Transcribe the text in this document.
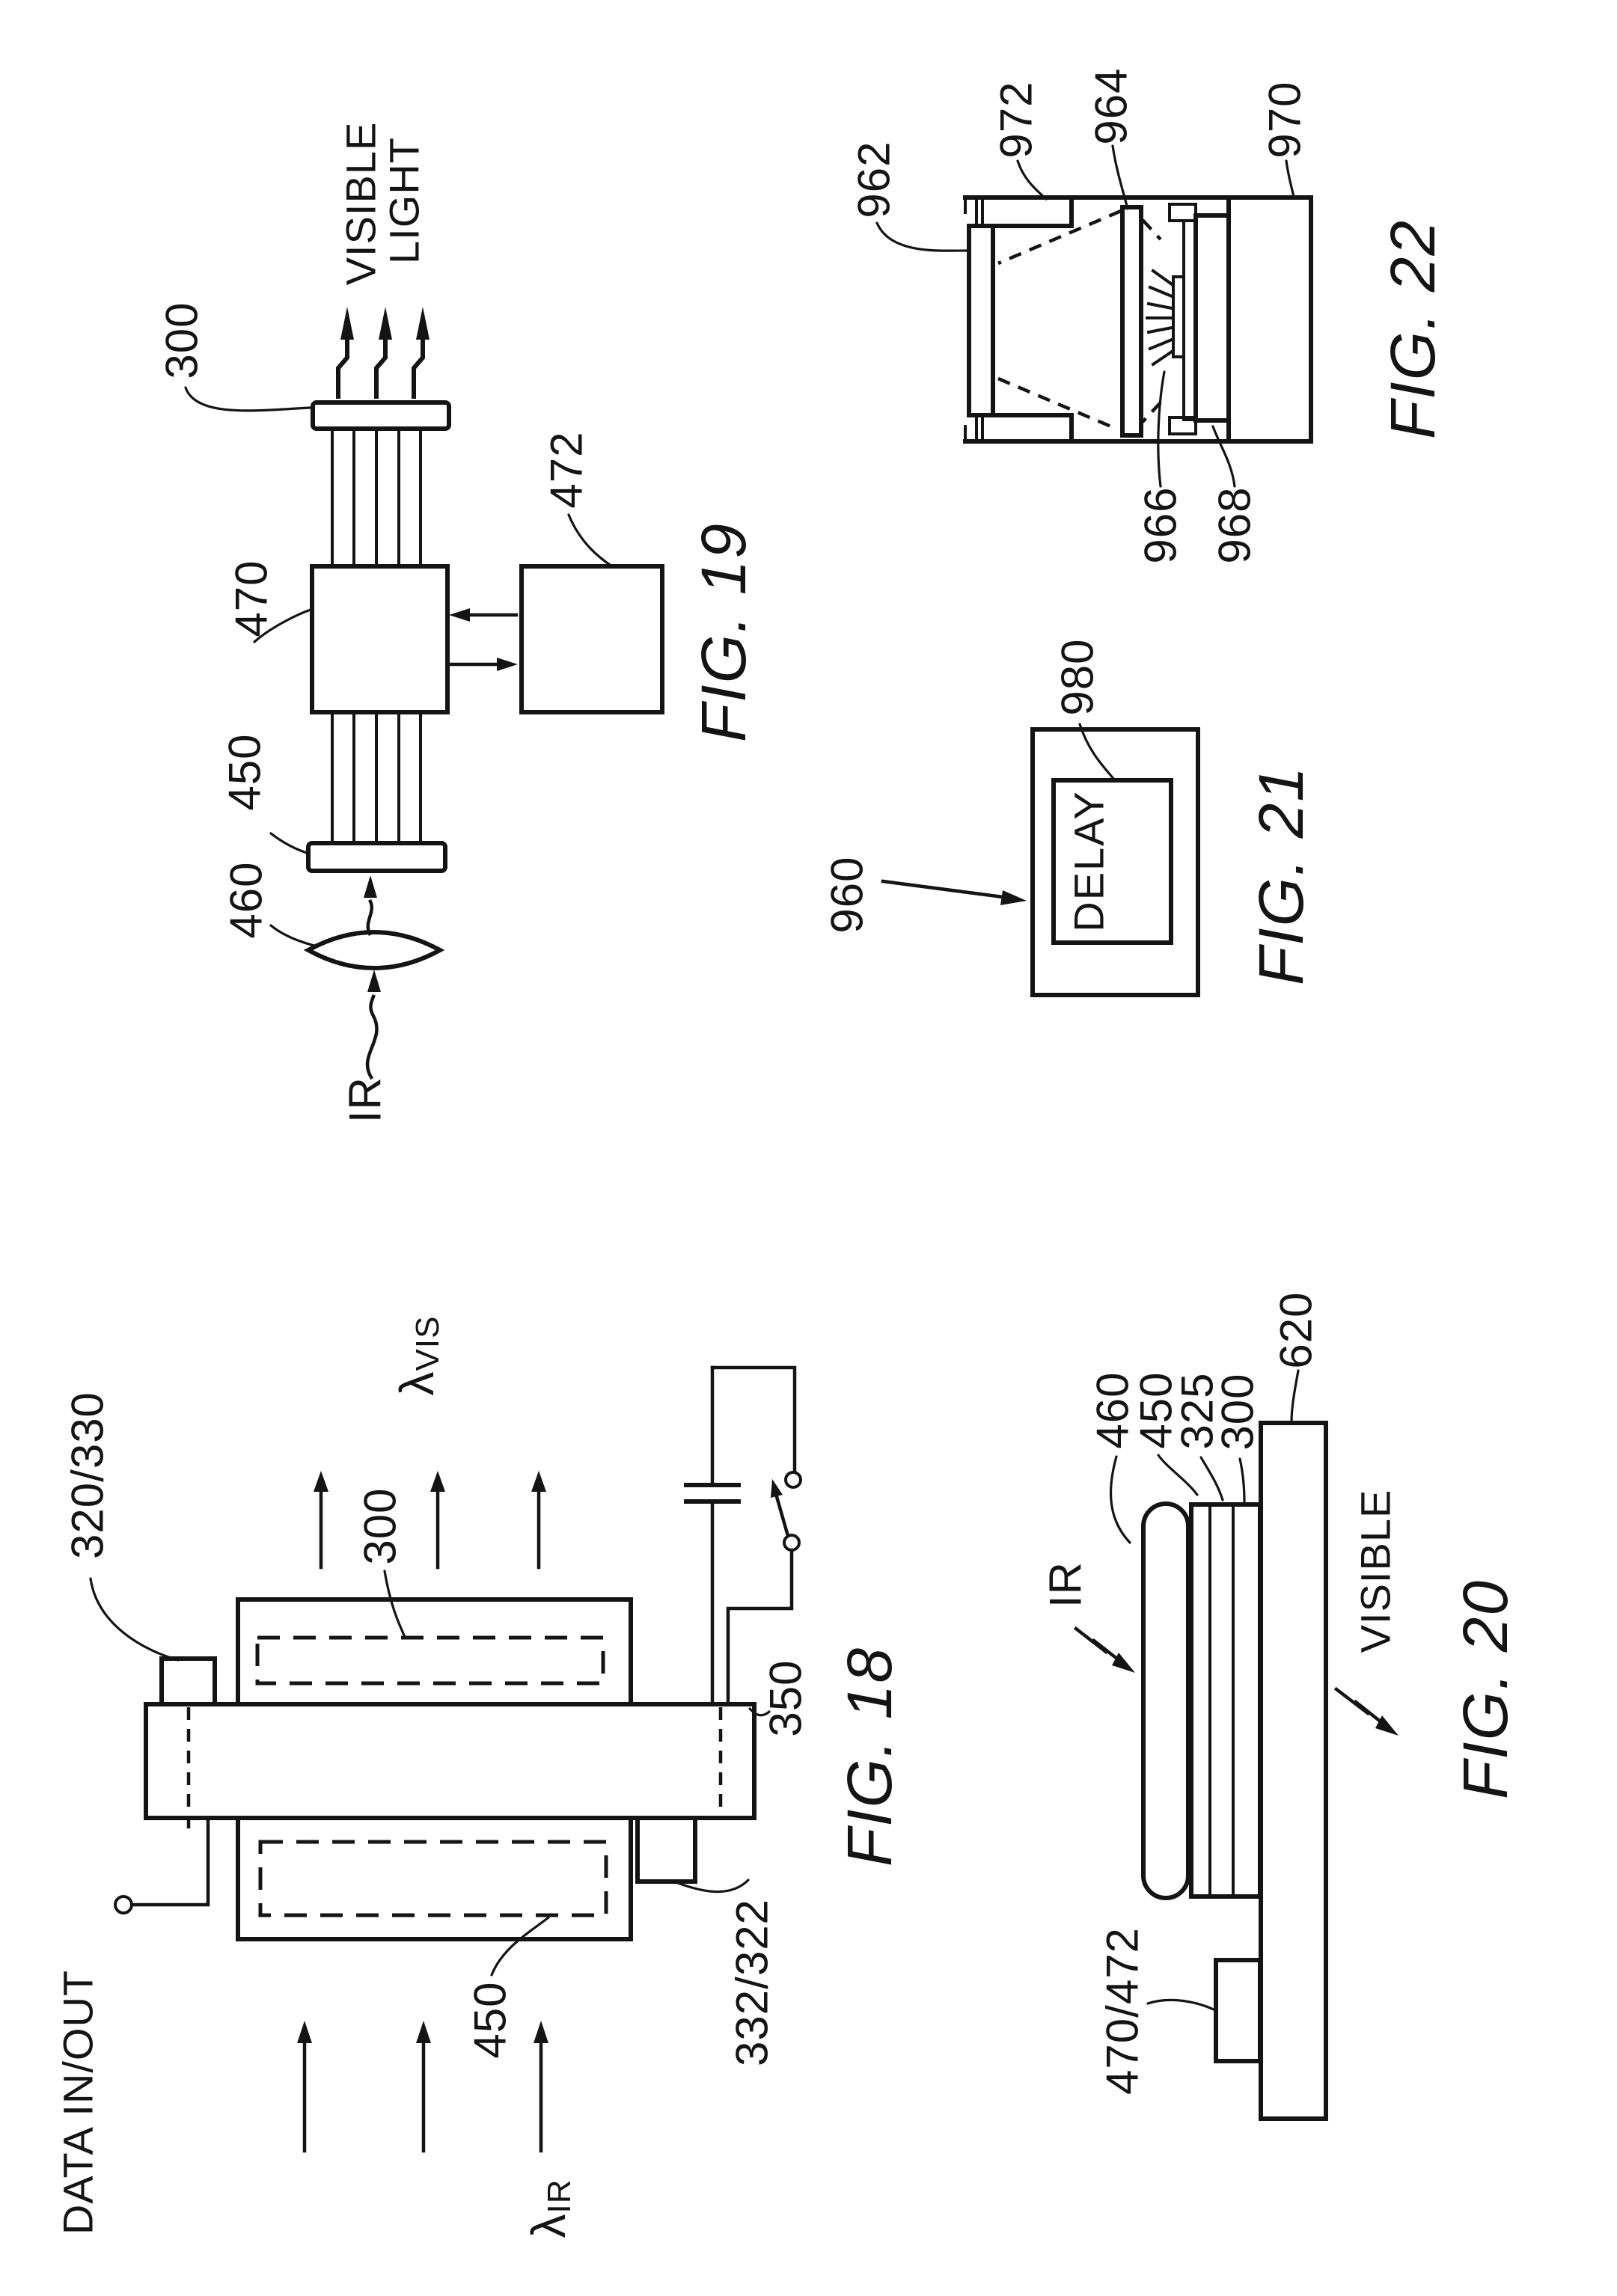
VISIBLE
LIGHT
300
470
450
460
472
IR
FIG. 19
962
972 964	970
966 968
FIG. 22
DELAY
980
960	FIG. 21
320/330
$\lambda_{VIS}$
300
350
332/322
450
DATA IN/OUT	$\lambda_{IR}$
FIG. 18
460
450
325
300
620
IR	VISIBLE
470/472
FIG. 20
